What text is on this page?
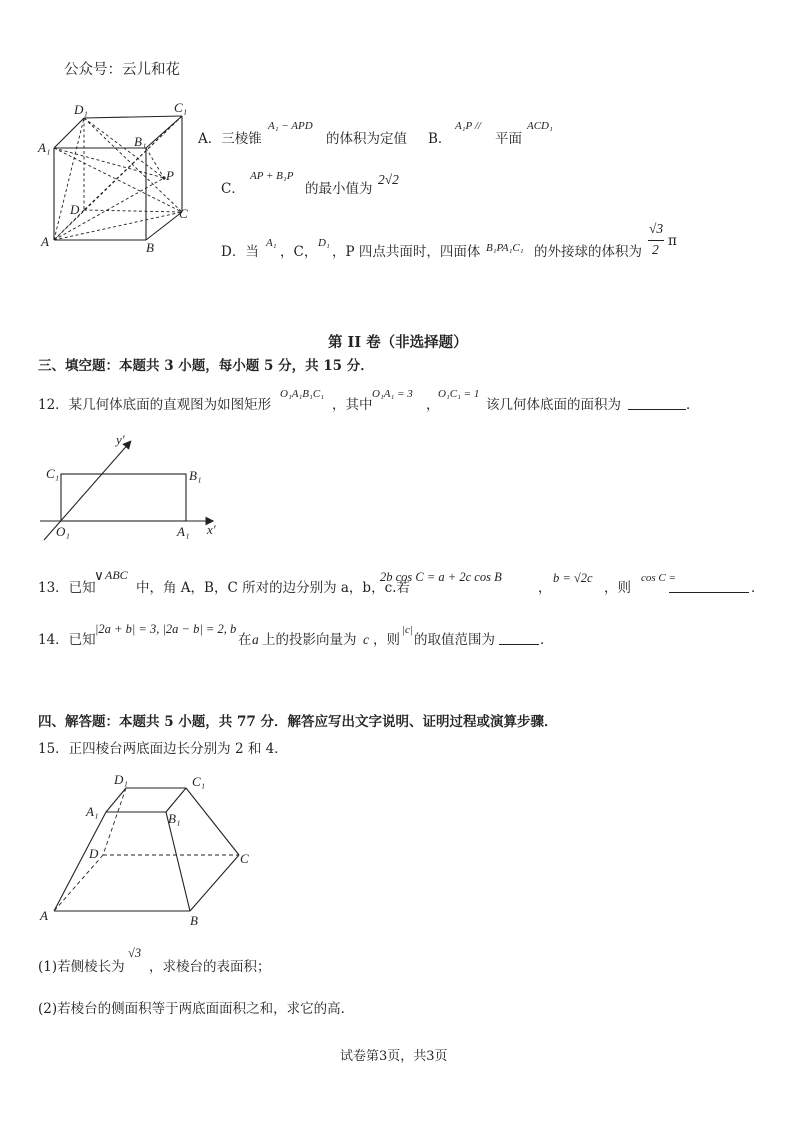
公众号：云儿和花
D₁	C₁
A₁	B₁
P
D	C
A	B
A．三棱锥
A₁ − APD
的体积为定值 B．
A₁P //
平面
ACD₁
C．
AP + B₁P
的最小值为
2√2
D．当
A₁
，C，
D₁
，P 四点共面时，四面体 B₁PA₁C₁ 的外接球的体积为
√3
2
π
第 II 卷（非选择题）
三、填空题：本题共 3 小题，每小题 5 分，共 15 分．
12．某几何体底面的直观图为如图矩形
O₁A₁B₁C₁
，其中
O₁A₁ = 3
，
O₁C₁ = 1
该几何体底面的面积为	．
y′
x′
C₁	B₁
O₁	A₁
13．已知
∨ ABC
中，角 A，B，C 所对的边分别为 a，b，c.若
2b cos C = a + 2c cos B
，
b = √2c
，则
cos C =
．
14．已知
|2a + b| = 3, |2a − b| = 2, b
在 a 上的投影向量为 c ，则
|c|
的取值范围为	．
四、解答题：本题共 5 小题，共 77 分．解答应写出文字说明、证明过程或演算步骤．
15．正四棱台两底面边长分别为 2 和 4．
D₁	C₁
A₁	B₁
D	C
A	B
(1)若侧棱长为
√3
，求棱台的表面积；
(2)若棱台的侧面积等于两底面面积之和，求它的高．
试卷第3页，共3页
